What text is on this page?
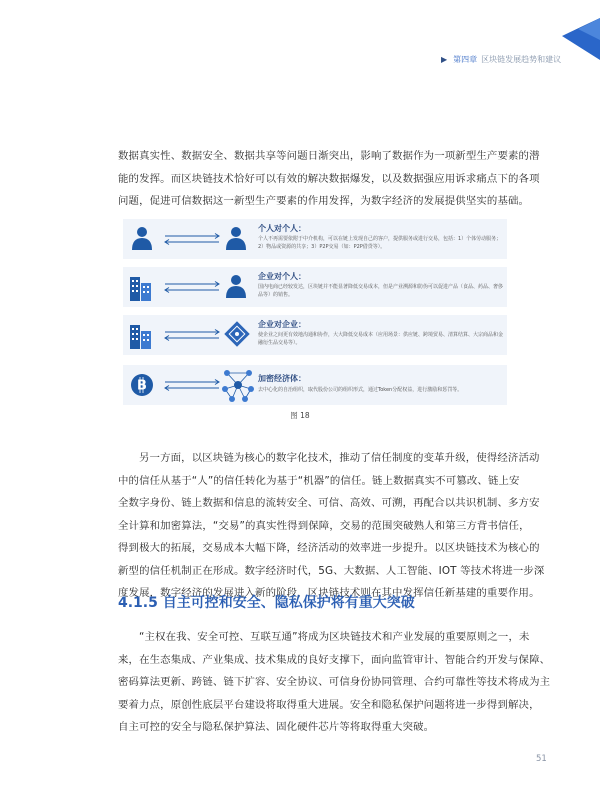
▶ 第四章 区块链发展趋势和建议

数据真实性、数据安全、数据共享等问题日渐突出，影响了数据作为一项新型生产要素的潜
能的发挥。而区块链技术恰好可以有效的解决数据爆发，以及数据强应用诉求痛点下的各项
问题，促进可信数据这一新型生产要素的作用发挥，为数字经济的发展提供坚实的基础。

个人对个人：
个人不再需要依附于中介机构，可以在链上发现自己的客户，提供服务或进行交易，包括：1）个体劳动服务；2）物品或资源的共享；3）P2P交易（如：P2P借贷等）。
企业对个人：
国内电商已经较发达，区块链并不能显著降低交易成本，但是产业溯源和防伪可以促进产品（食品、药品、奢侈品等）的销售。
企业对企业：
使企业之间更有效地沟通和协作，大大降低交易成本（应用场景：供应链、跨境贸易、清算结算、大宗商品和金融衍生品交易等）。
B	加密经济体：
去中心化的自治组织，取代股份公司的组织形式，通过Token分配权益，进行激励和惩罚等。
图 18

另一方面，以区块链为核心的数字化技术，推动了信任制度的变革升级，使得经济活动
中的信任从基于“人”的信任转化为基于“机器”的信任。链上数据真实不可篡改、链上安
全数字身份、链上数据和信息的流转安全、可信、高效、可溯，再配合以共识机制、多方安
全计算和加密算法，“交易”的真实性得到保障，交易的范围突破熟人和第三方背书信任，
得到极大的拓展，交易成本大幅下降，经济活动的效率进一步提升。以区块链技术为核心的
新型的信任机制正在形成。数字经济时代，5G、大数据、人工智能、IOT 等技术将进一步深
度发展，数字经济的发展进入新的阶段，区块链技术则在其中发挥信任新基建的重要作用。

4.1.5 自主可控和安全、隐私保护将有重大突破

“主权在我、安全可控、互联互通”将成为区块链技术和产业发展的重要原则之一，未
来，在生态集成、产业集成、技术集成的良好支撑下，面向监管审计、智能合约开发与保障、
密码算法更新、跨链、链下扩容、安全协议、可信身份协同管理、合约可靠性等技术将成为主
要着力点，原创性底层平台建设将取得重大进展。安全和隐私保护问题将进一步得到解决，
自主可控的安全与隐私保护算法、固化硬件芯片等将取得重大突破。

51
